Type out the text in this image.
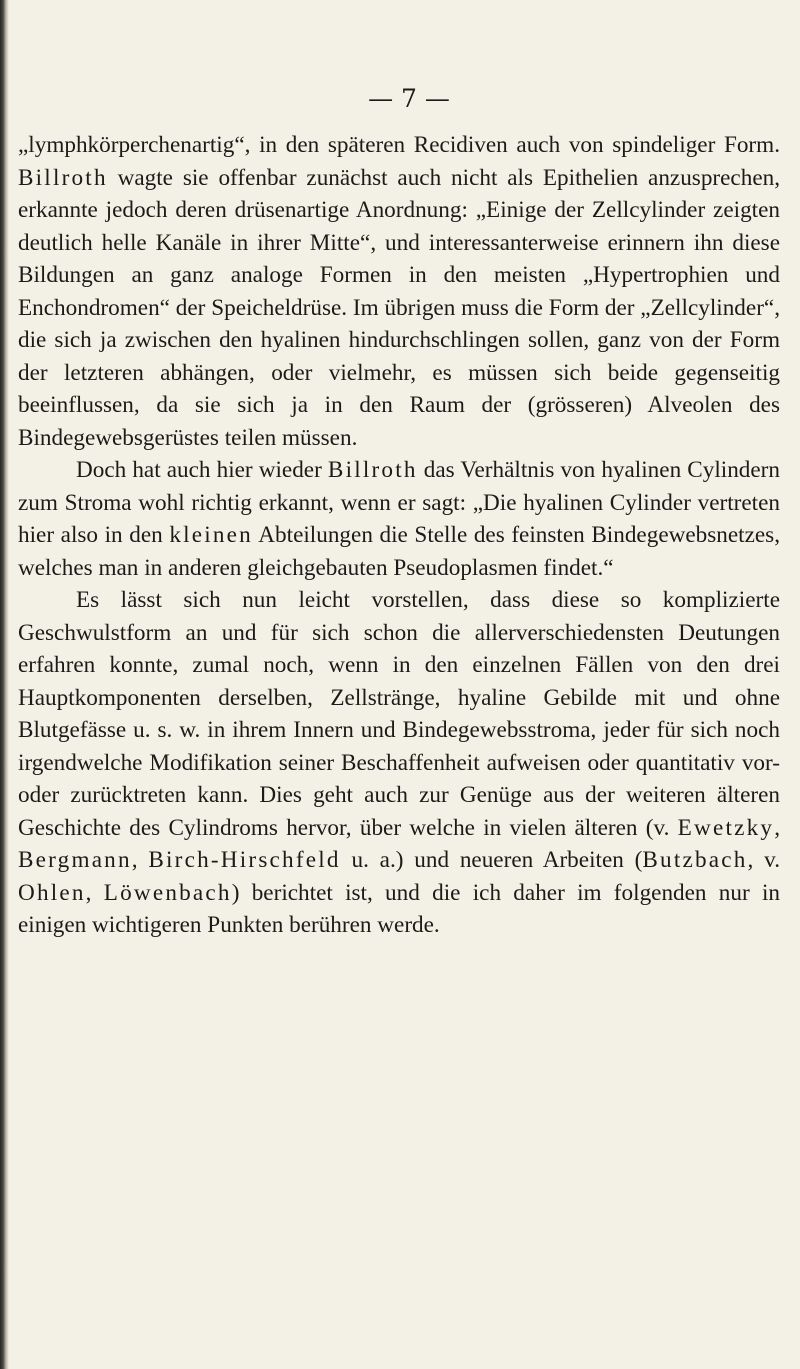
— 7 —

„lymphkörperchenartig“, in den späteren Recidiven auch von spindeliger Form. Billroth wagte sie offenbar zunächst auch nicht als Epithelien anzusprechen, erkannte jedoch deren drüsenartige Anordnung: „Einige der Zellcylinder zeigten deutlich helle Kanäle in ihrer Mitte“, und interessanterweise erinnern ihn diese Bildungen an ganz analoge Formen in den meisten „Hypertrophien und Enchondromen“ der Speicheldrüse. Im übrigen muss die Form der „Zellcylinder“, die sich ja zwischen den hyalinen hindurchschlingen sollen, ganz von der Form der letzteren abhängen, oder vielmehr, es müssen sich beide gegenseitig beeinflussen, da sie sich ja in den Raum der (grösseren) Alveolen des Bindegewebsgerüstes teilen müssen.

Doch hat auch hier wieder Billroth das Verhältnis von hyalinen Cylindern zum Stroma wohl richtig erkannt, wenn er sagt: „Die hyalinen Cylinder vertreten hier also in den kleinen Abteilungen die Stelle des feinsten Bindegewebsnetzes, welches man in anderen gleichgebauten Pseudoplasmen findet.“

Es lässt sich nun leicht vorstellen, dass diese so komplizierte Geschwulstform an und für sich schon die allerverschiedensten Deutungen erfahren konnte, zumal noch, wenn in den einzelnen Fällen von den drei Hauptkomponenten derselben, Zellstränge, hyaline Gebilde mit und ohne Blutgefässe u. s. w. in ihrem Innern und Bindegewebsstroma, jeder für sich noch irgendwelche Modifikation seiner Beschaffenheit aufweisen oder quantitativ vor- oder zurücktreten kann. Dies geht auch zur Genüge aus der weiteren älteren Geschichte des Cylindroms hervor, über welche in vielen älteren (v. Ewetzky, Bergmann, Birch-Hirschfeld u. a.) und neueren Arbeiten (Butzbach, v. Ohlen, Löwenbach) berichtet ist, und die ich daher im folgenden nur in einigen wichtigeren Punkten berühren werde.
